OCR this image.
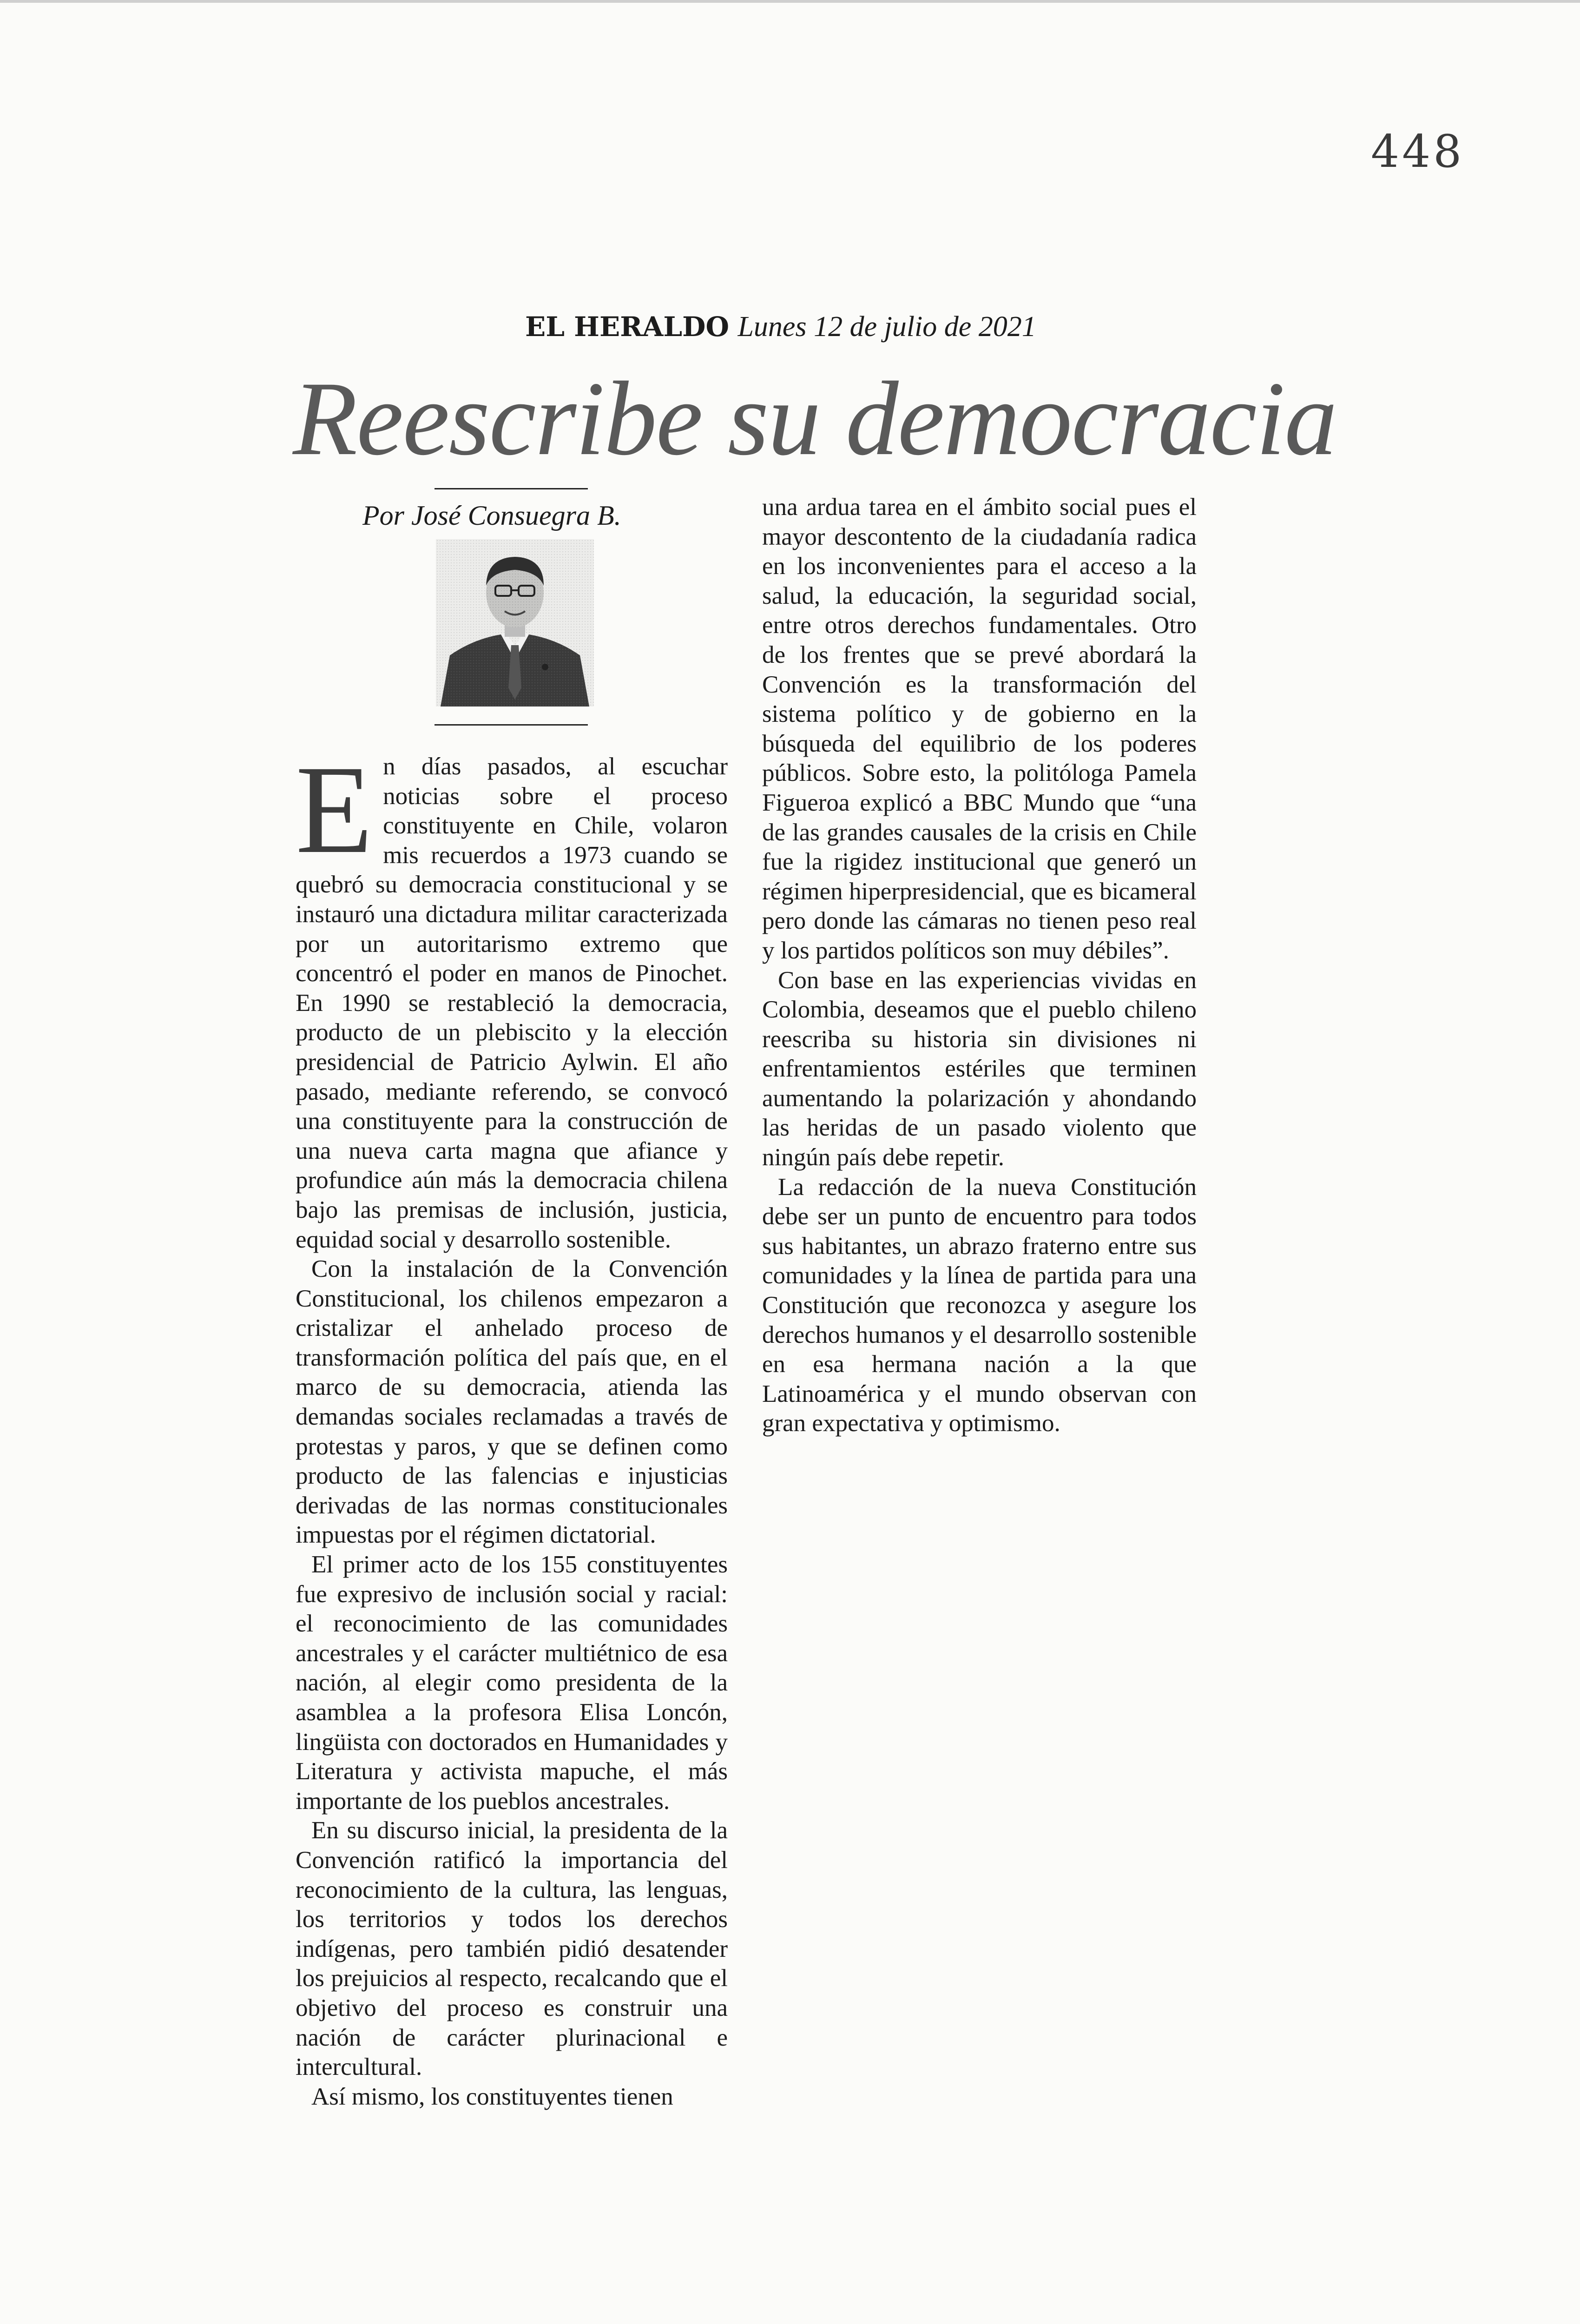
448
EL HERALDO Lunes 12 de julio de 2021
Reescribe su democracia
Por José Consuegra B.
E n días pasados, al escuchar noticias sobre el proceso constituyente en Chile, volaron mis recuerdos a 1973 cuando se quebró su democracia constitucional y se instauró una dictadura militar caracterizada por un autoritarismo extremo que concentró el poder en manos de Pinochet. En 1990 se restableció la democracia, producto de un plebiscito y la elección presidencial de Patricio Aylwin. El año pasado, mediante referendo, se convocó una constituyente para la construcción de una nueva carta magna que afiance y profundice aún más la democracia chilena bajo las premisas de inclusión, justicia, equidad social y desarrollo sostenible.

Con la instalación de la Convención Constitucional, los chilenos empezaron a cristalizar el anhelado proceso de transformación política del país que, en el marco de su democracia, atienda las demandas sociales reclamadas a través de protestas y paros, y que se definen como producto de las falencias e injusticias derivadas de las normas constitucionales impuestas por el régimen dictatorial.

El primer acto de los 155 constituyentes fue expresivo de inclusión social y racial: el reconocimiento de las comunidades ancestrales y el carácter multiétnico de esa nación, al elegir como presidenta de la asamblea a la profesora Elisa Loncón, lingüista con doctorados en Humanidades y Literatura y activista mapuche, el más importante de los pueblos ancestrales.

En su discurso inicial, la presidenta de la Convención ratificó la importancia del reconocimiento de la cultura, las lenguas, los territorios y todos los derechos indígenas, pero también pidió desatender los prejuicios al respecto, recalcando que el objetivo del proceso es construir una nación de carácter plurinacional e intercultural.

Así mismo, los constituyentes tienen

una ardua tarea en el ámbito social pues el mayor descontento de la ciudadanía radica en los inconvenientes para el acceso a la salud, la educación, la seguridad social, entre otros derechos fundamentales. Otro de los frentes que se prevé abordará la Convención es la transformación del sistema político y de gobierno en la búsqueda del equilibrio de los poderes públicos. Sobre esto, la politóloga Pamela Figueroa explicó a BBC Mundo que “una de las grandes causales de la crisis en Chile fue la rigidez institucional que generó un régimen hiperpresidencial, que es bicameral pero donde las cámaras no tienen peso real y los partidos políticos son muy débiles”.

Con base en las experiencias vividas en Colombia, deseamos que el pueblo chileno reescriba su historia sin divisiones ni enfrentamientos estériles que terminen aumentando la polarización y ahondando las heridas de un pasado violento que ningún país debe repetir.

La redacción de la nueva Constitución debe ser un punto de encuentro para todos sus habitantes, un abrazo fraterno entre sus comunidades y la línea de partida para una Constitución que reconozca y asegure los derechos humanos y el desarrollo sostenible en esa hermana nación a la que Latinoamérica y el mundo observan con gran expectativa y optimismo.
